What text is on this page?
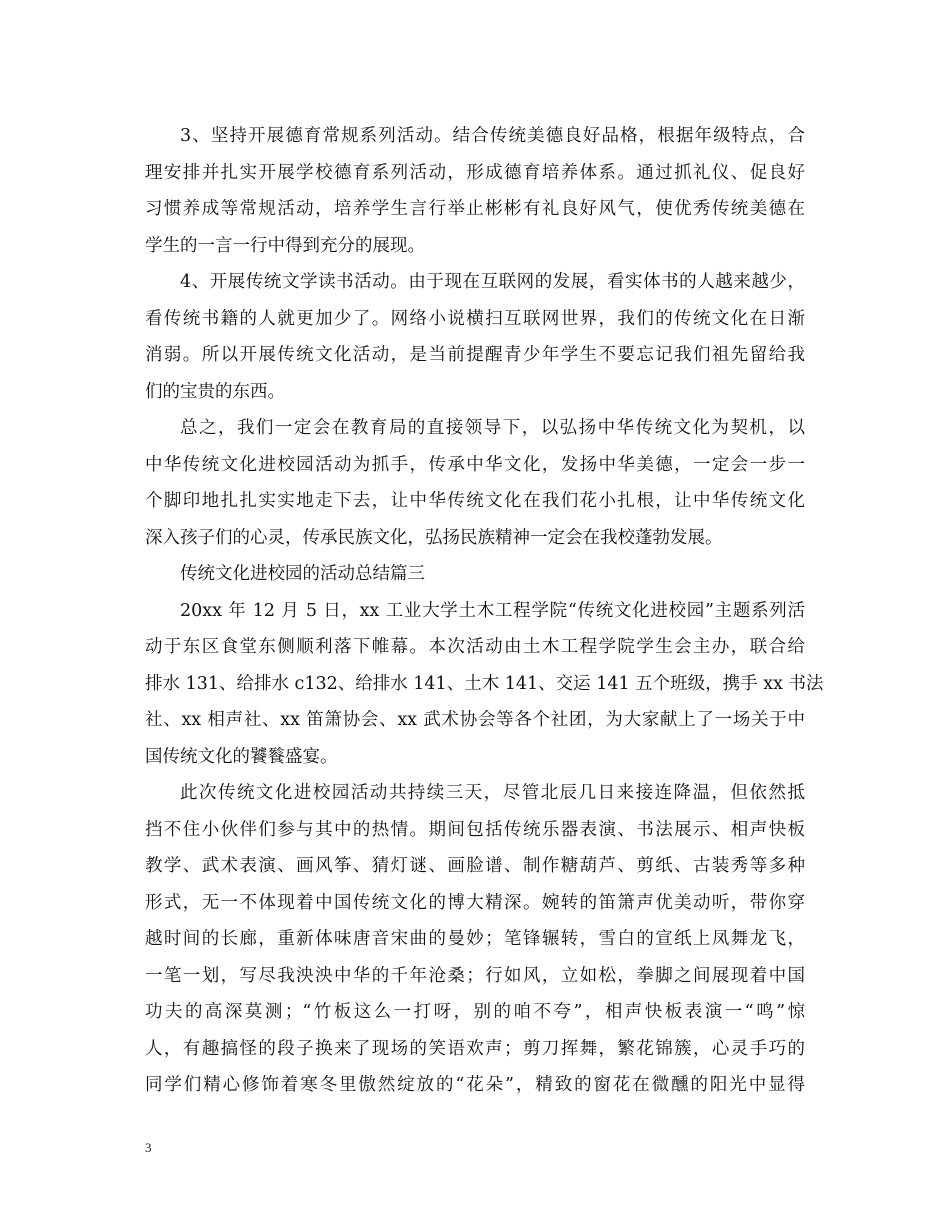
3、坚持开展德育常规系列活动。结合传统美德良好品格，根据年级特点，合
理安排并扎实开展学校德育系列活动，形成德育培养体系。通过抓礼仪、促良好
习惯养成等常规活动，培养学生言行举止彬彬有礼良好风气，使优秀传统美德在
学生的一言一行中得到充分的展现。
4、开展传统文学读书活动。由于现在互联网的发展，看实体书的人越来越少，
看传统书籍的人就更加少了。网络小说横扫互联网世界，我们的传统文化在日渐
消弱。所以开展传统文化活动，是当前提醒青少年学生不要忘记我们祖先留给我
们的宝贵的东西。
总之，我们一定会在教育局的直接领导下，以弘扬中华传统文化为契机，以
中华传统文化进校园活动为抓手，传承中华文化，发扬中华美德，一定会一步一
个脚印地扎扎实实地走下去，让中华传统文化在我们花小扎根，让中华传统文化
深入孩子们的心灵，传承民族文化，弘扬民族精神一定会在我校蓬勃发展。
传统文化进校园的活动总结篇三
20xx 年 12 月 5 日，xx 工业大学土木工程学院“传统文化进校园”主题系列活
动于东区食堂东侧顺利落下帷幕。本次活动由土木工程学院学生会主办，联合给
排水 131、给排水 c132、给排水 141、土木 141、交运 141 五个班级，携手 xx 书法
社、xx 相声社、xx 笛箫协会、xx 武术协会等各个社团，为大家献上了一场关于中
国传统文化的饕餮盛宴。
此次传统文化进校园活动共持续三天，尽管北辰几日来接连降温，但依然抵
挡不住小伙伴们参与其中的热情。期间包括传统乐器表演、书法展示、相声快板
教学、武术表演、画风筝、猜灯谜、画脸谱、制作糖葫芦、剪纸、古装秀等多种
形式，无一不体现着中国传统文化的博大精深。婉转的笛箫声优美动听，带你穿
越时间的长廊，重新体味唐音宋曲的曼妙；笔锋辗转，雪白的宣纸上凤舞龙飞，
一笔一划，写尽我泱泱中华的千年沧桑；行如风，立如松，拳脚之间展现着中国
功夫的高深莫测；“竹板这么一打呀，别的咱不夸”，相声快板表演一“鸣”惊
人，有趣搞怪的段子换来了现场的笑语欢声；剪刀挥舞，繁花锦簇，心灵手巧的
同学们精心修饰着寒冬里傲然绽放的“花朵”，精致的窗花在微醺的阳光中显得
3
